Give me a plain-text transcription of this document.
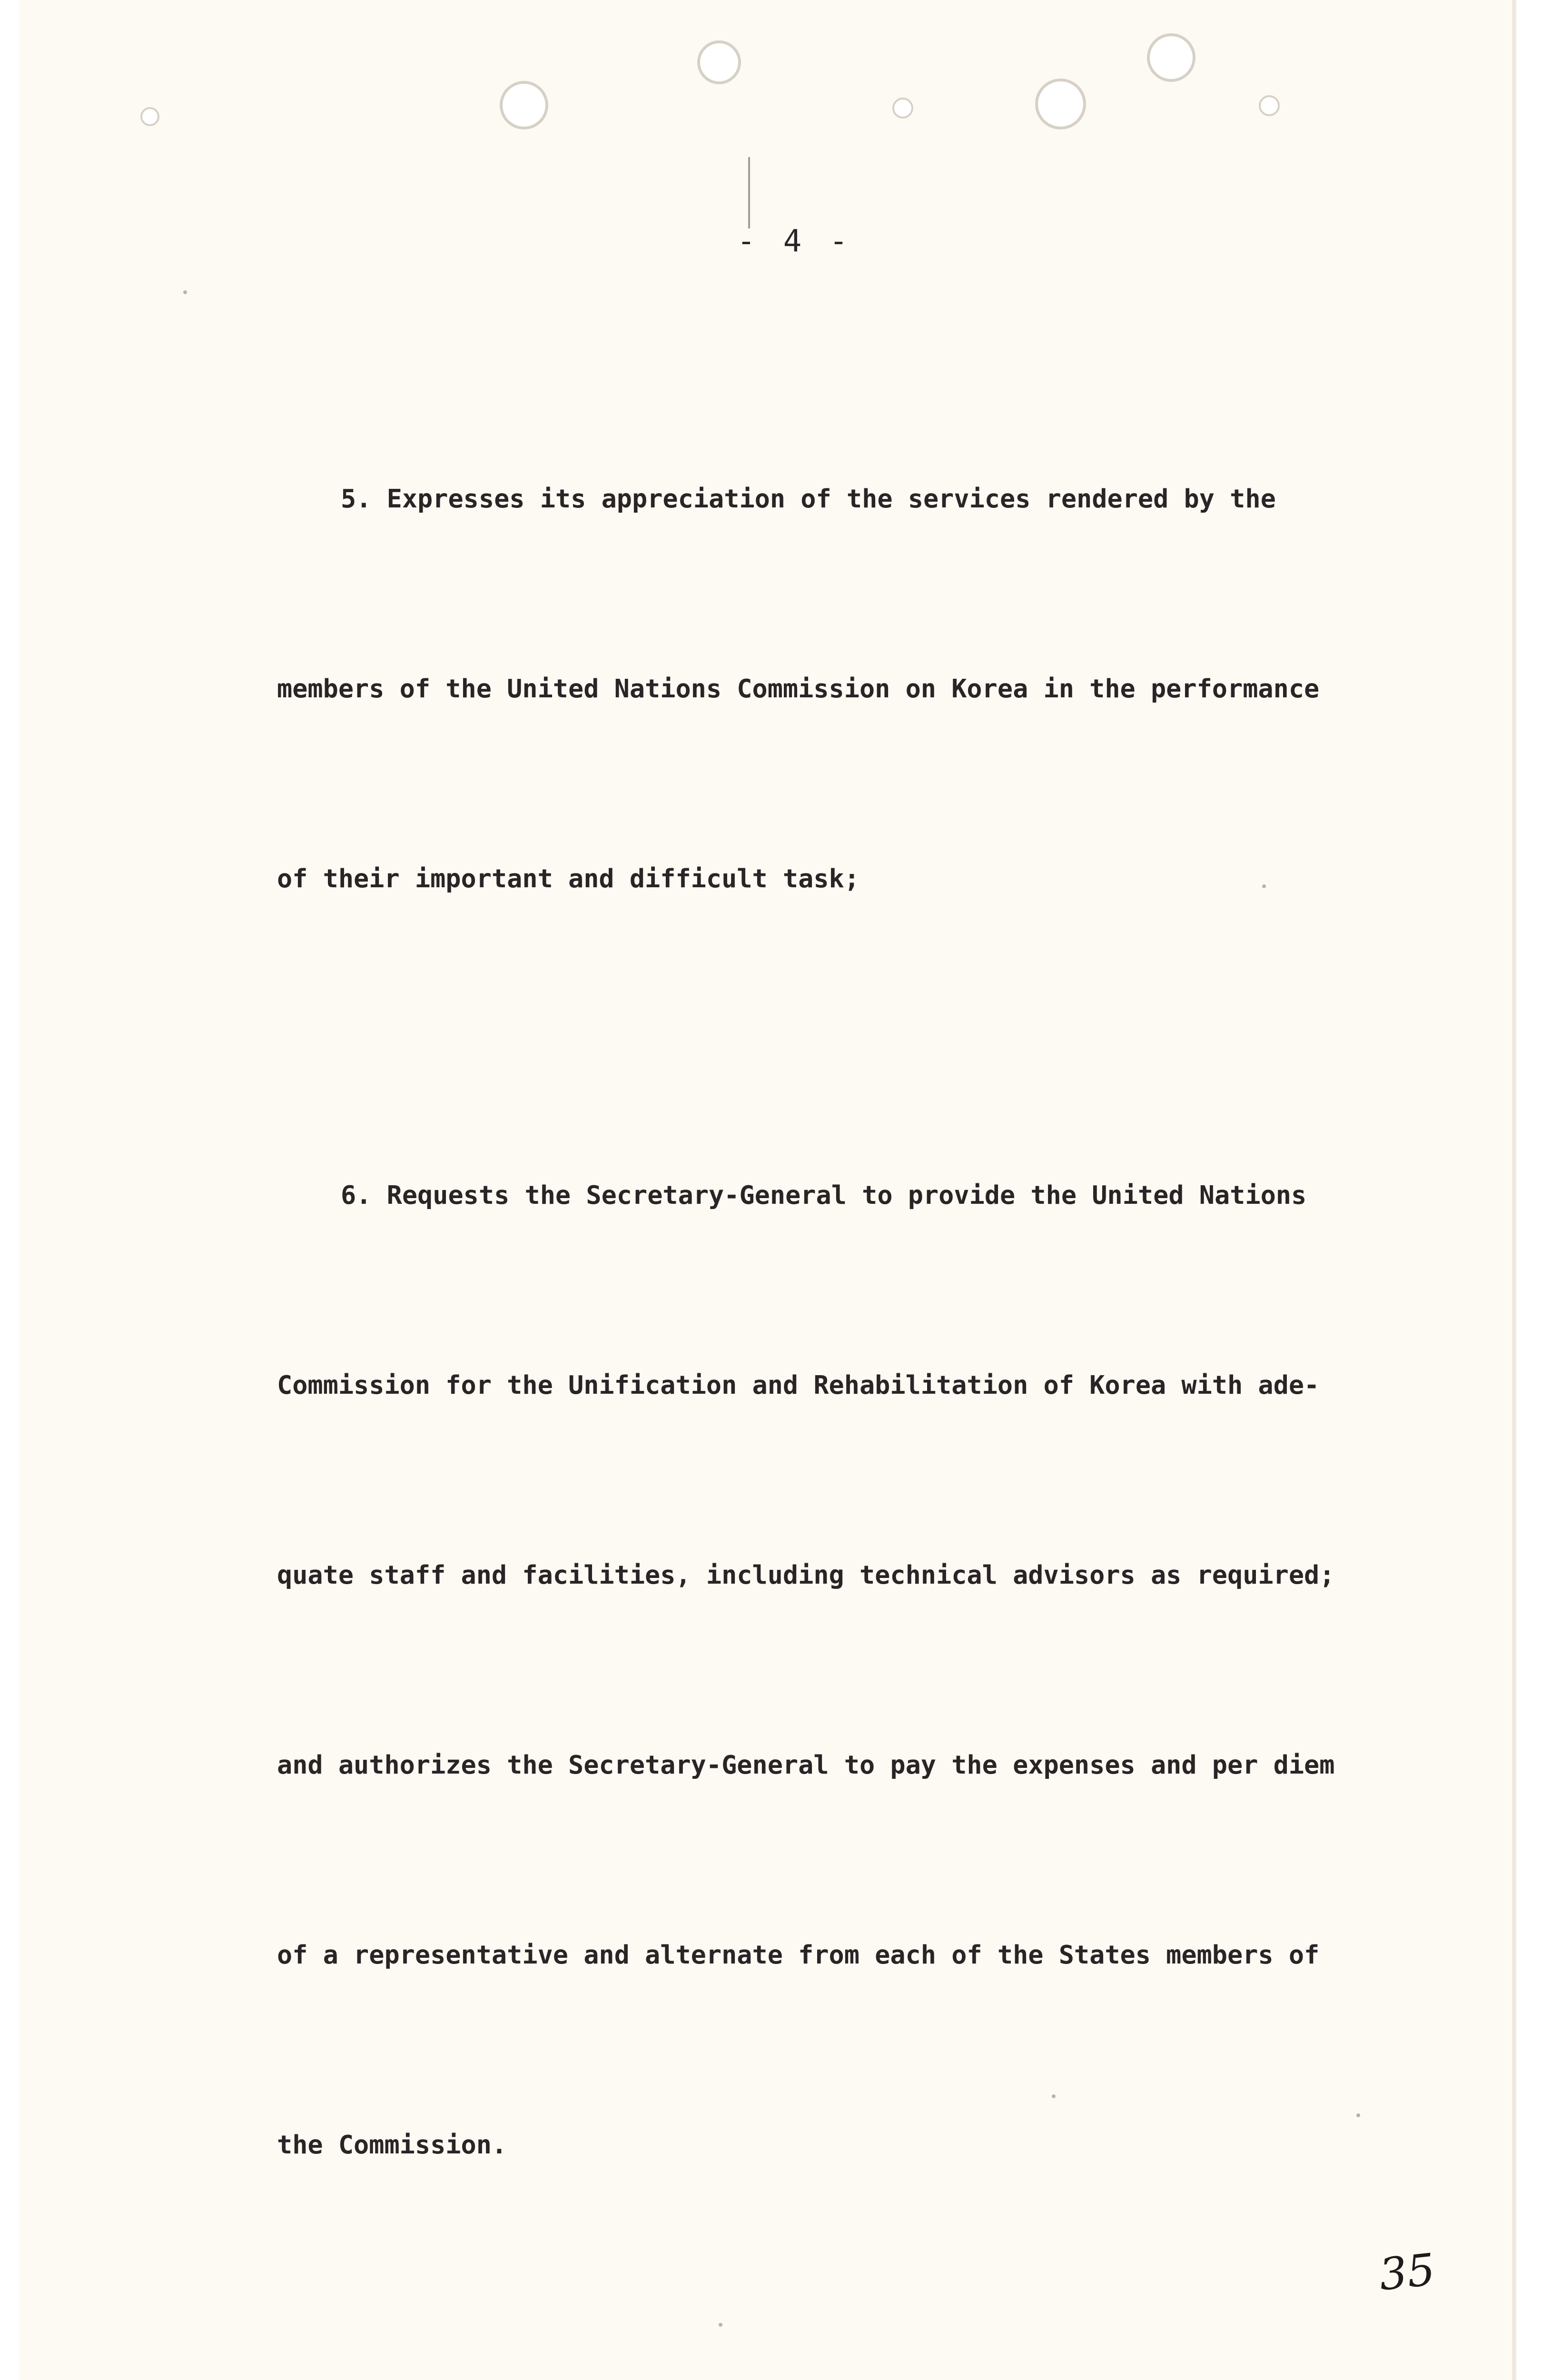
- 4 -

5. Expresses its appreciation of the services rendered by the

members of the United Nations Commission on Korea in the performance

of their important and difficult task;

6. Requests the Secretary-General to provide the United Nations

Commission for the Unification and Rehabilitation of Korea with ade-

quate staff and facilities, including technical advisors as required;

and authorizes the Secretary-General to pay the expenses and per diem

of a representative and alternate from each of the States members of

the Commission.

35
